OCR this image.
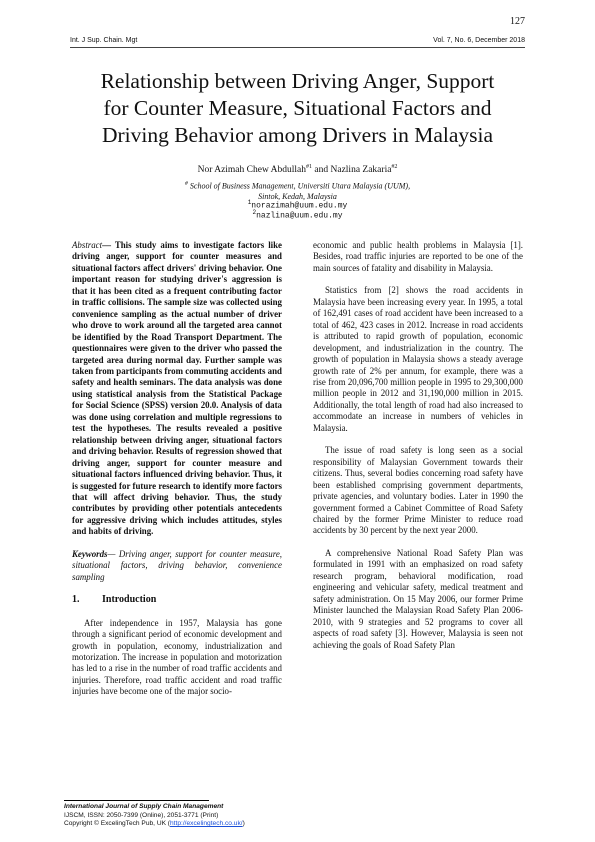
127
Int. J Sup. Chain. Mgt	Vol. 7, No. 6, December 2018
Relationship between Driving Anger, Support
for Counter Measure, Situational Factors and
Driving Behavior among Drivers in Malaysia
Nor Azimah Chew Abdullah$^{\#1}$ and Nazlina Zakaria$^{\#2}$
# School of Business Management, Universiti Utara Malaysia (UUM),
Sintok, Kedah, Malaysia
$^1$norazimah@uum.edu.my
$^2$nazlina@uum.edu.my

Abstract— This study aims to investigate factors like driving anger, support for counter measures and situational factors affect drivers' driving behavior. One important reason for studying driver's aggression is that it has been cited as a frequent contributing factor in traffic collisions. The sample size was collected using convenience sampling as the actual number of driver who drove to work around all the targeted area cannot be identified by the Road Transport Department. The questionnaires were given to the driver who passed the targeted area during normal day. Further sample was taken from participants from commuting accidents and safety and health seminars. The data analysis was done using statistical analysis from the Statistical Package for Social Science (SPSS) version 20.0. Analysis of data was done using correlation and multiple regressions to test the hypotheses. The results revealed a positive relationship between driving anger, situational factors and driving behavior. Results of regression showed that driving anger, support for counter measure and situational factors influenced driving behavior. Thus, it is suggested for future research to identify more factors that will affect driving behavior. Thus, the study contributes by providing other potentials antecedents for aggressive driving which includes attitudes, styles and habits of driving.

Keywords— Driving anger, support for counter measure, situational factors, driving behavior, convenience sampling

1.	Introduction

After independence in 1957, Malaysia has gone through a significant period of economic development and growth in population, economy, industrialization and motorization. The increase in population and motorization has led to a rise in the number of road traffic accidents and injuries. Therefore, road traffic accident and road traffic injuries have become one of the major socio-

economic and public health problems in Malaysia [1]. Besides, road traffic injuries are reported to be one of the main sources of fatality and disability in Malaysia.

Statistics from [2] shows the road accidents in Malaysia have been increasing every year. In 1995, a total of 162,491 cases of road accident have been increased to a total of 462, 423 cases in 2012. Increase in road accidents is attributed to rapid growth of population, economic development, and industrialization in the country. The growth of population in Malaysia shows a steady average growth rate of 2% per annum, for example, there was a rise from 20,096,700 million people in 1995 to 29,300,000 million people in 2012 and 31,190,000 million in 2015. Additionally, the total length of road had also increased to accommodate an increase in numbers of vehicles in Malaysia.

The issue of road safety is long seen as a social responsibility of Malaysian Government towards their citizens. Thus, several bodies concerning road safety have been established comprising government departments, private agencies, and voluntary bodies. Later in 1990 the government formed a Cabinet Committee of Road Safety chaired by the former Prime Minister to reduce road accidents by 30 percent by the next year 2000.

A comprehensive National Road Safety Plan was formulated in 1991 with an emphasized on road safety research program, behavioral modification, road engineering and vehicular safety, medical treatment and safety administration. On 15 May 2006, our former Prime Minister launched the Malaysian Road Safety Plan 2006-2010, with 9 strategies and 52 programs to cover all aspects of road safety [3]. However, Malaysia is seen not achieving the goals of Road Safety Plan

International Journal of Supply Chain Management
IJSCM, ISSN: 2050-7399 (Online), 2051-3771 (Print)
Copyright © ExcelingTech Pub, UK (http://excelingtech.co.uk/)
